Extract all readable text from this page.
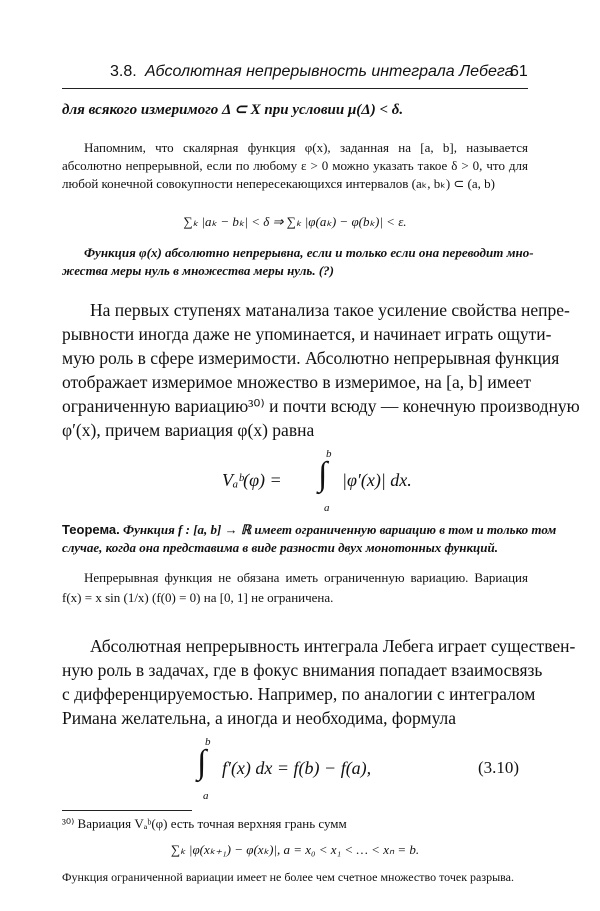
3.8. Абсолютная непрерывность интеграла Лебега
61
для всякого измеримого Δ ⊂ X при условии μ(Δ) < δ.
Напомним, что скалярная функция φ(x), заданная на [a, b], называется
абсолютно непрерывной, если по любому ε > 0 можно указать такое δ > 0, что для
любой конечной совокупности непересекающихся интервалов (aₖ, bₖ) ⊂ (a, b)
∑ₖ |aₖ − bₖ| < δ ⇒ ∑ₖ |φ(aₖ) − φ(bₖ)| < ε.
Функция φ(x) абсолютно непрерывна, если и только если она переводит мно-
жества меры нуль в множества меры нуль. (?)
На первых ступенях матанализа такое усиление свойства непре-
рывности иногда даже не упоминается, и начинает играть ощути-
мую роль в сфере измеримости. Абсолютно непрерывная функция
отображает измеримое множество в измеримое, на [a, b] имеет
ограниченную вариацию³⁰⁾ и почти всюду — конечную производную
φ′(x), причем вариация φ(x) равна
Vₐᵇ(φ) =
b
∫
a
|φ′(x)| dx.
Теорема. Функция f : [a, b] → ℝ имеет ограниченную вариацию в том и только том
случае, когда она представима в виде разности двух монотонных функций.
Непрерывная функция не обязана иметь ограниченную вариацию. Вариация
f(x) = x sin (1/x) (f(0) = 0) на [0, 1] не ограничена.
Абсолютная непрерывность интеграла Лебега играет существен-
ную роль в задачах, где в фокус внимания попадает взаимосвязь
с дифференцируемостью. Например, по аналогии с интегралом
Римана желательна, а иногда и необходима, формула
b
∫
a
f′(x) dx = f(b) − f(a),	(3.10)
³⁰⁾ Вариация Vₐᵇ(φ) есть точная верхняя грань сумм
∑ₖ |φ(xₖ₊₁) − φ(xₖ)|, a = x₀ < x₁ < … < xₙ = b.
Функция ограниченной вариации имеет не более чем счетное множество точек разрыва.
